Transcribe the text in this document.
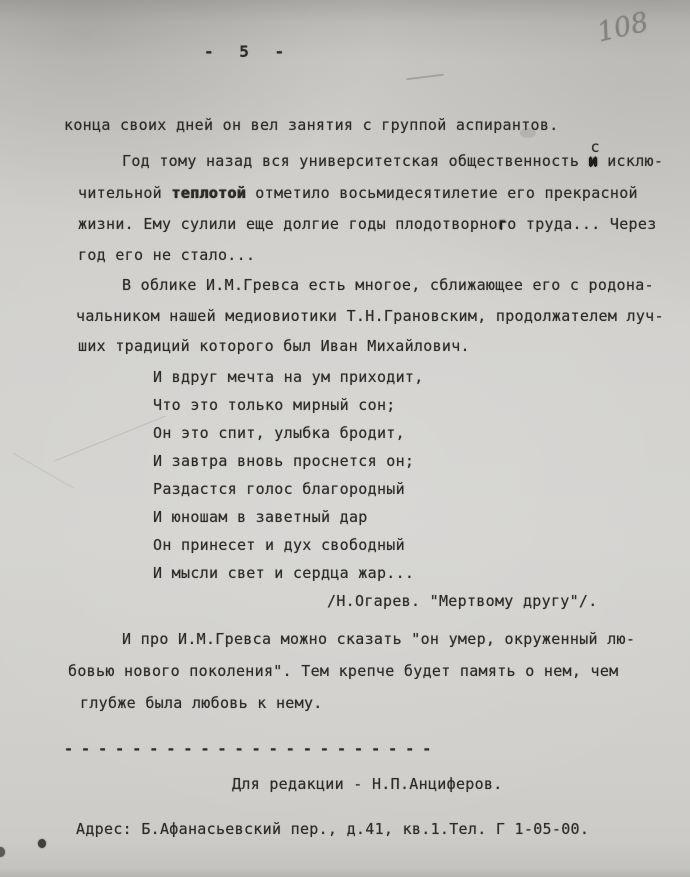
108
- 5 -
конца своих дней он вел занятия с группой аспирантов.
Год тому назад вся университетская общественность и
с
исклю-
чительной теплотой отметило восьмидесятилетие его прекрасной
жизни. Ему сулили еще долгие годы плодотворного труда... Через
год его не стало...
В облике И.М.Гревса есть многое, сближающее его с родона-
чальником нашей медиовиотики Т.Н.Грановским, продолжателем луч-
ших традиций которого был Иван Михайлович.
И вдруг мечта на ум приходит,
Что это только мирный сон;
Он это спит, улыбка бродит,
И завтра вновь проснется он;
Раздастся голос благородный
И юношам в заветный дар
Он принесет и дух свободный
И мысли свет и сердца жар...
/Н.Огарев. "Мертвому другу"/.
И про И.М.Гревса можно сказать "он умер, окруженный лю-
бовью нового поколения". Тем крепче будет память о нем, чем
глубже была любовь к нему.
- - - - - - - - - - - - - - - - - - - - - -
Для редакции - Н.П.Анциферов.
Адрес: Б.Афанасьевский пер., д.41, кв.1.Тел. Г 1-05-00.
